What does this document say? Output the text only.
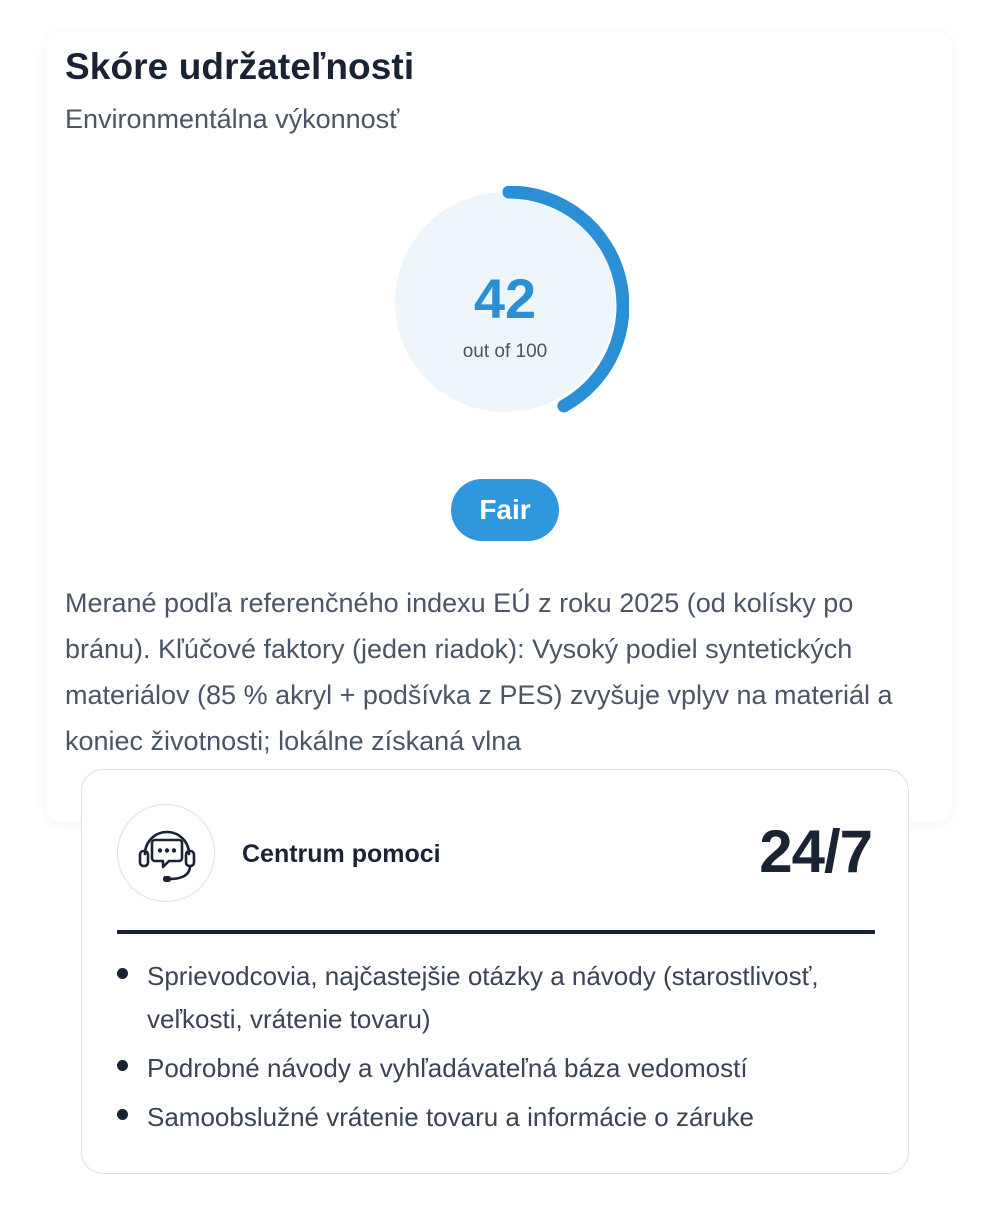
Skóre udržateľnosti
Environmentálna výkonnosť
42
out of 100
Fair
Merané podľa referenčného indexu EÚ z roku 2025 (od kolísky po bránu). Kľúčové faktory (jeden riadok): Vysoký podiel syntetických materiálov (85 % akryl + podšívka z PES) zvyšuje vplyv na materiál a koniec životnosti; lokálne získaná vlna
Centrum pomoci	24/7
Sprievodcovia, najčastejšie otázky a návody (starostlivosť, veľkosti, vrátenie tovaru)
Podrobné návody a vyhľadávateľná báza vedomostí
Samoobslužné vrátenie tovaru a informácie o záruke
